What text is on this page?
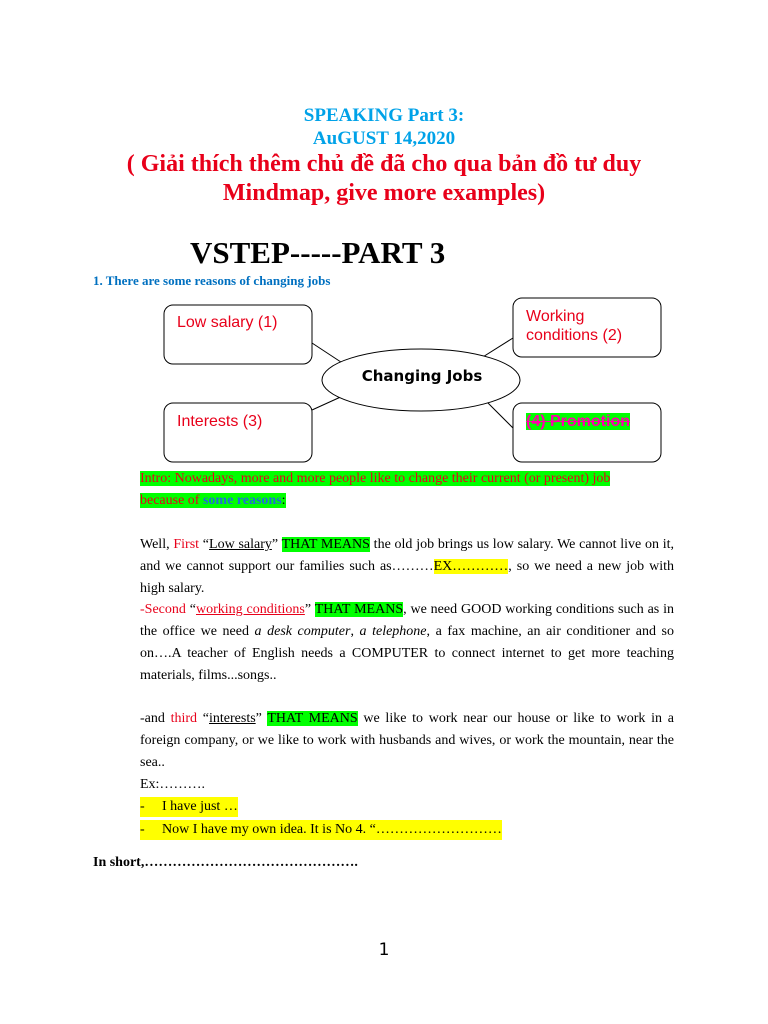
SPEAKING Part 3:
AuGUST 14,2020
( Giải thích thêm chủ đề đã cho qua bản đồ tư duy
Mindmap, give more examples)
VSTEP-----PART 3
1. There are some reasons of changing jobs
Changing Jobs
Low salary (1)	Working
conditions (2)
Interests (3)	(4) Promotion
Intro: Nowadays, more and more people like to change their current (or present) job
because of some reasons:
Well, First “Low salary” THAT MEANS the old job brings us low salary. We cannot live on it, and we cannot support our families such as………EX…………, so we need a new job with high salary.
-Second “working conditions” THAT MEANS, we need GOOD working conditions such as in the office we need a desk computer, a telephone, a fax machine, an air conditioner and so on….A teacher of English needs a COMPUTER to connect internet to get more teaching materials, films...songs..
-and third “interests” THAT MEANS we like to work near our house or like to work in a foreign company, or we like to work with husbands and wives, or work the mountain, near the sea..
Ex:……….
- I have just …
- Now I have my own idea. It is No 4. “………………………
In short,……………………………………….
1
